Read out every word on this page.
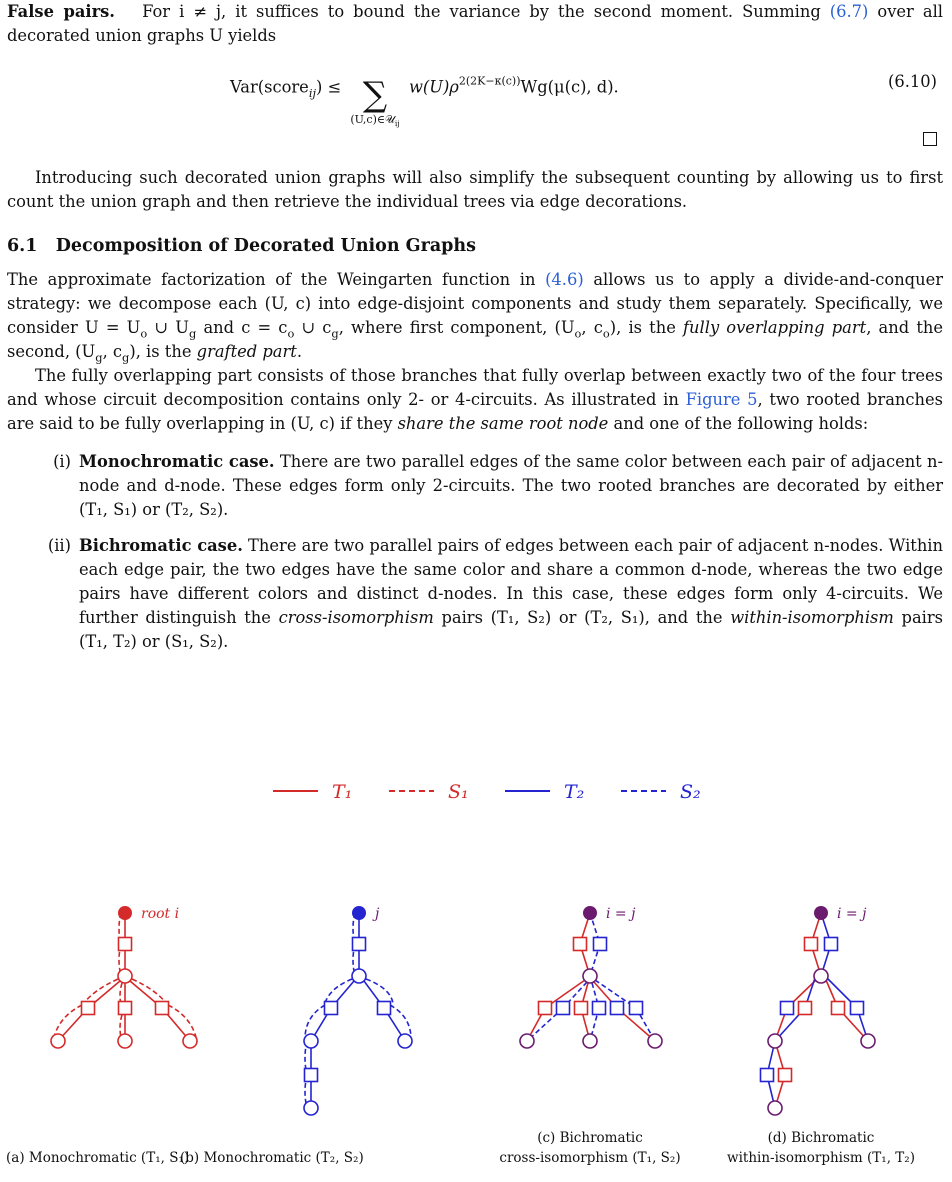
False pairs. For i ≠ j, it suffices to bound the variance by the second moment. Summing (6.7) over all decorated union graphs U yields

Var(score$_{ij}$) ≤ ∑
(U,c)∈𝒰$_{ij}$
$w(U)\rho^{2(2K-\kappa(c))}Wg(\mu(c)$, d).	(6.10)

Introducing such decorated union graphs will also simplify the subsequent counting by allowing us to first count the union graph and then retrieve the individual trees via edge decorations.

6.1 Decomposition of Decorated Union Graphs

The approximate factorization of the Weingarten function in (4.6) allows us to apply a divide-and-conquer strategy: we decompose each (U, c) into edge-disjoint components and study them separately. Specifically, we consider $U = U_o$ ∪ $U_g$ and $c = c_o$ ∪ $c_g$, where first component, ($U_o$, $c_o$), is the fully overlapping part, and the second, ($U_g$, $c_g$), is the grafted part.

The fully overlapping part consists of those branches that fully overlap between exactly two of the four trees and whose circuit decomposition contains only 2- or 4-circuits. As illustrated in Figure 5, two rooted branches are said to be fully overlapping in (U, c) if they share the same root node and one of the following holds:

(i) Monochromatic case. There are two parallel edges of the same color between each pair of adjacent n-node and d-node. These edges form only 2-circuits. The two rooted branches are decorated by either (T₁, S₁) or (T₂, S₂).

(ii) Bichromatic case. There are two parallel pairs of edges between each pair of adjacent n-nodes. Within each edge pair, the two edges have the same color and share a common d-node, whereas the two edge pairs have different colors and distinct d-nodes. In this case, these edges form only 4-circuits. We further distinguish the cross-isomorphism pairs (T₁, S₂) or (T₂, S₁), and the within-isomorphism pairs (T₁, T₂) or (S₁, S₂).

T₁	S₁	T₂	S₂
root i	j	i = j	i = j
(a) Monochromatic (T₁, S₁)
(b) Monochromatic (T₂, S₂)
(c) Bichromatic
cross-isomorphism (T₁, S₂)
(d) Bichromatic
within-isomorphism (T₁, T₂)
